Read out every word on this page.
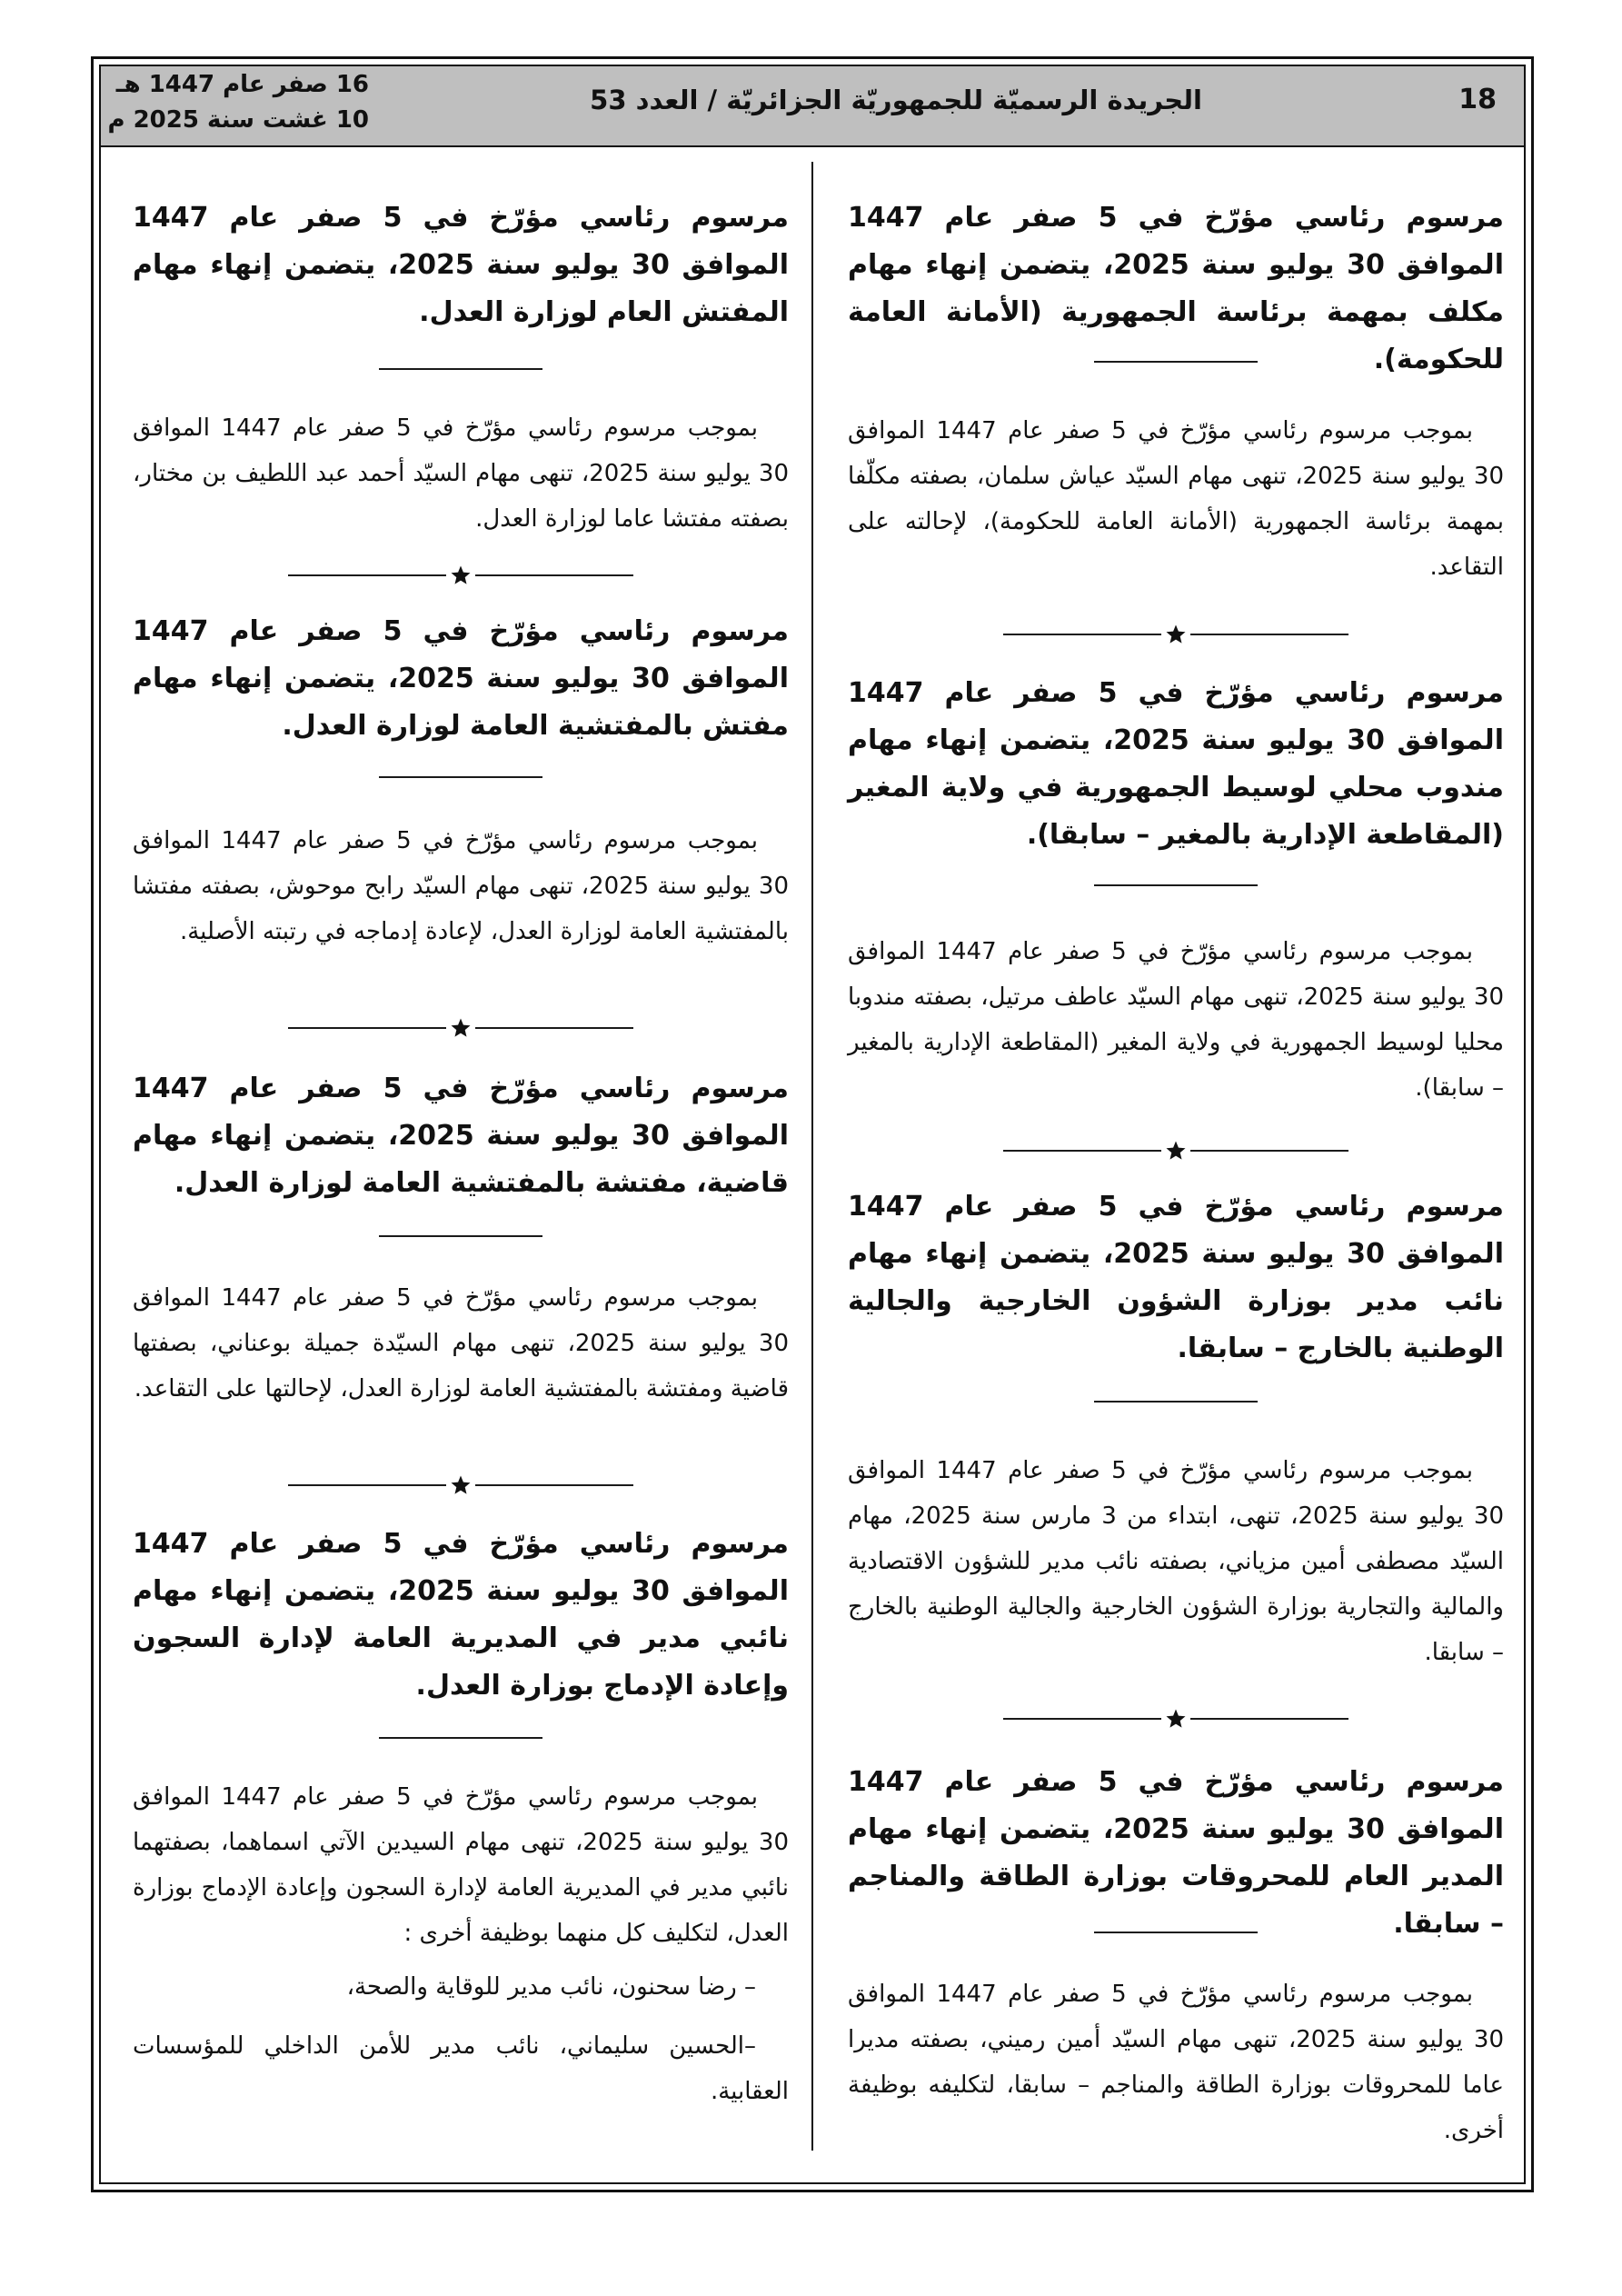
18
الجريدة الرسميّة للجمهوريّة الجزائريّة / العدد 53
16 صفر عام 1447 هـ
10 غشت سنة 2025 م
مرسوم رئاسي مؤرّخ في 5 صفر عام 1447 الموافق 30 يوليو سنة 2025، يتضمن إنهاء مهام مكلف بمهمة برئاسة الجمهورية (الأمانة العامة للحكومة).

بموجب مرسوم رئاسي مؤرّخ في 5 صفر عام 1447 الموافق 30 يوليو سنة 2025، تنهى مهام السيّد عياش سلمان، بصفته مكلّفا بمهمة برئاسة الجمهورية (الأمانة العامة للحكومة)، لإحالته على التقاعد.

مرسوم رئاسي مؤرّخ في 5 صفر عام 1447 الموافق 30 يوليو سنة 2025، يتضمن إنهاء مهام مندوب محلي لوسيط الجمهورية في ولاية المغير (المقاطعة الإدارية بالمغير – سابقا).

بموجب مرسوم رئاسي مؤرّخ في 5 صفر عام 1447 الموافق 30 يوليو سنة 2025، تنهى مهام السيّد عاطف مرتيل، بصفته مندوبا محليا لوسيط الجمهورية في ولاية المغير (المقاطعة الإدارية بالمغير – سابقا).

مرسوم رئاسي مؤرّخ في 5 صفر عام 1447 الموافق 30 يوليو سنة 2025، يتضمن إنهاء مهام نائب مدير بوزارة الشؤون الخارجية والجالية الوطنية بالخارج – سابقا.

بموجب مرسوم رئاسي مؤرّخ في 5 صفر عام 1447 الموافق 30 يوليو سنة 2025، تنهى، ابتداء من 3 مارس سنة 2025، مهام السيّد مصطفى أمين مزياني، بصفته نائب مدير للشؤون الاقتصادية والمالية والتجارية بوزارة الشؤون الخارجية والجالية الوطنية بالخارج – سابقا.

مرسوم رئاسي مؤرّخ في 5 صفر عام 1447 الموافق 30 يوليو سنة 2025، يتضمن إنهاء مهام المدير العام للمحروقات بوزارة الطاقة والمناجم – سابقا.

بموجب مرسوم رئاسي مؤرّخ في 5 صفر عام 1447 الموافق 30 يوليو سنة 2025، تنهى مهام السيّد أمين رميني، بصفته مديرا عاما للمحروقات بوزارة الطاقة والمناجم – سابقا، لتكليفه بوظيفة أخرى.

مرسوم رئاسي مؤرّخ في 5 صفر عام 1447 الموافق 30 يوليو سنة 2025، يتضمن إنهاء مهام المفتش العام لوزارة العدل.

بموجب مرسوم رئاسي مؤرّخ في 5 صفر عام 1447 الموافق 30 يوليو سنة 2025، تنهى مهام السيّد أحمد عبد اللطيف بن مختار، بصفته مفتشا عاما لوزارة العدل.

مرسوم رئاسي مؤرّخ في 5 صفر عام 1447 الموافق 30 يوليو سنة 2025، يتضمن إنهاء مهام مفتش بالمفتشية العامة لوزارة العدل.

بموجب مرسوم رئاسي مؤرّخ في 5 صفر عام 1447 الموافق 30 يوليو سنة 2025، تنهى مهام السيّد رابح موحوش، بصفته مفتشا بالمفتشية العامة لوزارة العدل، لإعادة إدماجه في رتبته الأصلية.

مرسوم رئاسي مؤرّخ في 5 صفر عام 1447 الموافق 30 يوليو سنة 2025، يتضمن إنهاء مهام قاضية، مفتشة بالمفتشية العامة لوزارة العدل.

بموجب مرسوم رئاسي مؤرّخ في 5 صفر عام 1447 الموافق 30 يوليو سنة 2025، تنهى مهام السيّدة جميلة بوعناني، بصفتها قاضية ومفتشة بالمفتشية العامة لوزارة العدل، لإحالتها على التقاعد.

مرسوم رئاسي مؤرّخ في 5 صفر عام 1447 الموافق 30 يوليو سنة 2025، يتضمن إنهاء مهام نائبي مدير في المديرية العامة لإدارة السجون وإعادة الإدماج بوزارة العدل.

بموجب مرسوم رئاسي مؤرّخ في 5 صفر عام 1447 الموافق 30 يوليو سنة 2025، تنهى مهام السيدين الآتي اسماهما، بصفتهما نائبي مدير في المديرية العامة لإدارة السجون وإعادة الإدماج بوزارة العدل، لتكليف كل منهما بوظيفة أخرى :

– رضا سحنون، نائب مدير للوقاية والصحة،

–الحسين سليماني، نائب مدير للأمن الداخلي للمؤسسات العقابية.
